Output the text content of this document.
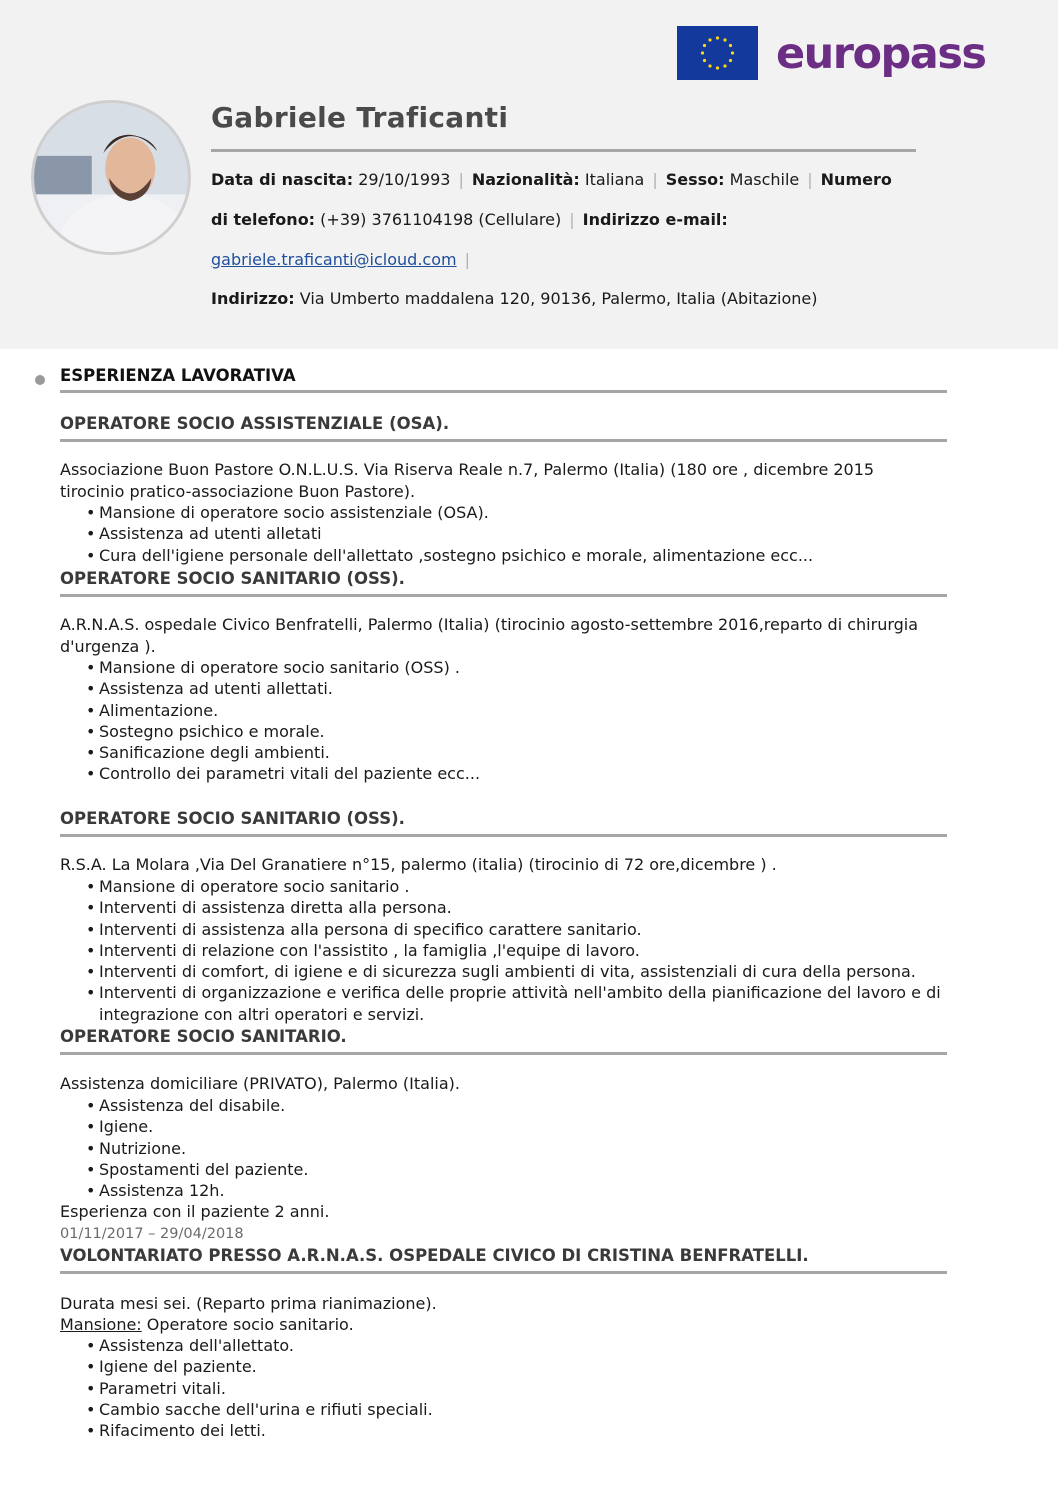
europass
Gabriele Traficanti
Data di nascita: 29/10/1993 | Nazionalità: Italiana | Sesso: Maschile | Numero
di telefono: (+39) 3761104198 (Cellulare) | Indirizzo e-mail:
gabriele.traficanti@icloud.com |
Indirizzo: Via Umberto maddalena 120, 90136, Palermo, Italia (Abitazione)
ESPERIENZA LAVORATIVA
OPERATORE SOCIO ASSISTENZIALE (OSA).
Associazione Buon Pastore O.N.L.U.S. Via Riserva Reale n.7, Palermo (Italia) (180 ore , dicembre 2015 tirocinio pratico-associazione Buon Pastore).
• Mansione di operatore socio assistenziale (OSA).
• Assistenza ad utenti alletati
• Cura dell'igiene personale dell'allettato ,sostegno psichico e morale, alimentazione ecc...
OPERATORE SOCIO SANITARIO (OSS).
A.R.N.A.S. ospedale Civico Benfratelli, Palermo (Italia) (tirocinio agosto-settembre 2016,reparto di chirurgia d'urgenza ).
• Mansione di operatore socio sanitario (OSS) .
• Assistenza ad utenti allettati.
• Alimentazione.
• Sostegno psichico e morale.
• Sanificazione degli ambienti.
• Controllo dei parametri vitali del paziente ecc...
OPERATORE SOCIO SANITARIO (OSS).
R.S.A. La Molara ,Via Del Granatiere n°15, palermo (italia) (tirocinio di 72 ore,dicembre ) .
• Mansione di operatore socio sanitario .
• Interventi di assistenza diretta alla persona.
• Interventi di assistenza alla persona di specifico carattere sanitario.
• Interventi di relazione con l'assistito , la famiglia ,l'equipe di lavoro.
• Interventi di comfort, di igiene e di sicurezza sugli ambienti di vita, assistenziali di cura della persona.
• Interventi di organizzazione e verifica delle proprie attività nell'ambito della pianificazione del lavoro e di integrazione con altri operatori e servizi.
OPERATORE SOCIO SANITARIO.
Assistenza domiciliare (PRIVATO), Palermo (Italia).
• Assistenza del disabile.
• Igiene.
• Nutrizione.
• Spostamenti del paziente.
• Assistenza 12h.
Esperienza con il paziente 2 anni.
01/11/2017 – 29/04/2018
VOLONTARIATO PRESSO A.R.N.A.S. OSPEDALE CIVICO DI CRISTINA BENFRATELLI.
Durata mesi sei. (Reparto prima rianimazione).
Mansione: Operatore socio sanitario.
• Assistenza dell'allettato.
• Igiene del paziente.
• Parametri vitali.
• Cambio sacche dell'urina e rifiuti speciali.
• Rifacimento dei letti.
